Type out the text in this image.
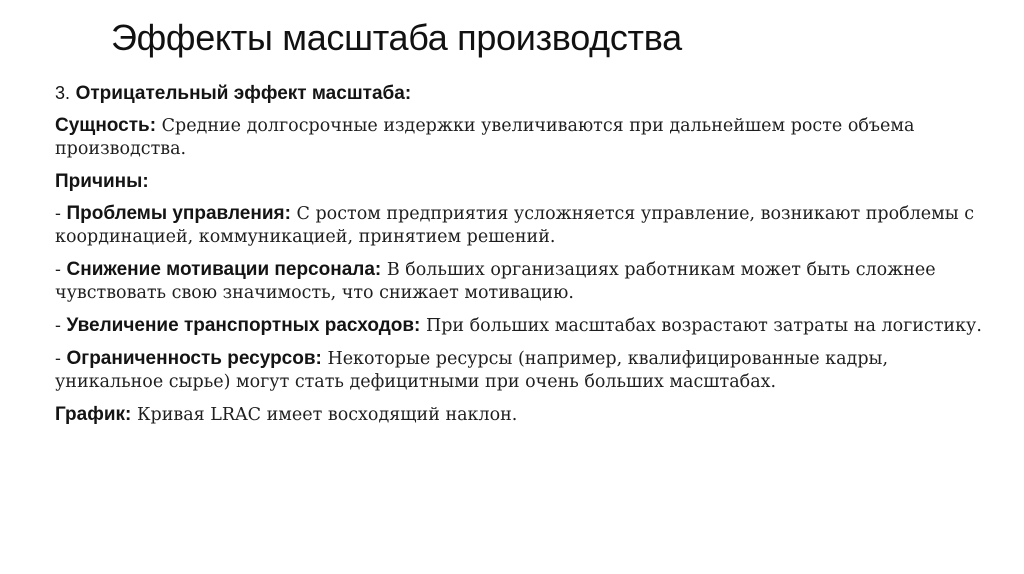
Эффекты масштаба производства

3. Отрицательный эффект масштаба:

Сущность: Средние долгосрочные издержки увеличиваются при дальнейшем росте объема производства.

Причины:

- Проблемы управления: С ростом предприятия усложняется управление, возникают проблемы с координацией, коммуникацией, принятием решений.

- Снижение мотивации персонала: В больших организациях работникам может быть сложнее чувствовать свою значимость, что снижает мотивацию.

- Увеличение транспортных расходов: При больших масштабах возрастают затраты на логистику.

- Ограниченность ресурсов: Некоторые ресурсы (например, квалифицированные кадры, уникальное сырье) могут стать дефицитными при очень больших масштабах.

График: Кривая LRAC имеет восходящий наклон.
